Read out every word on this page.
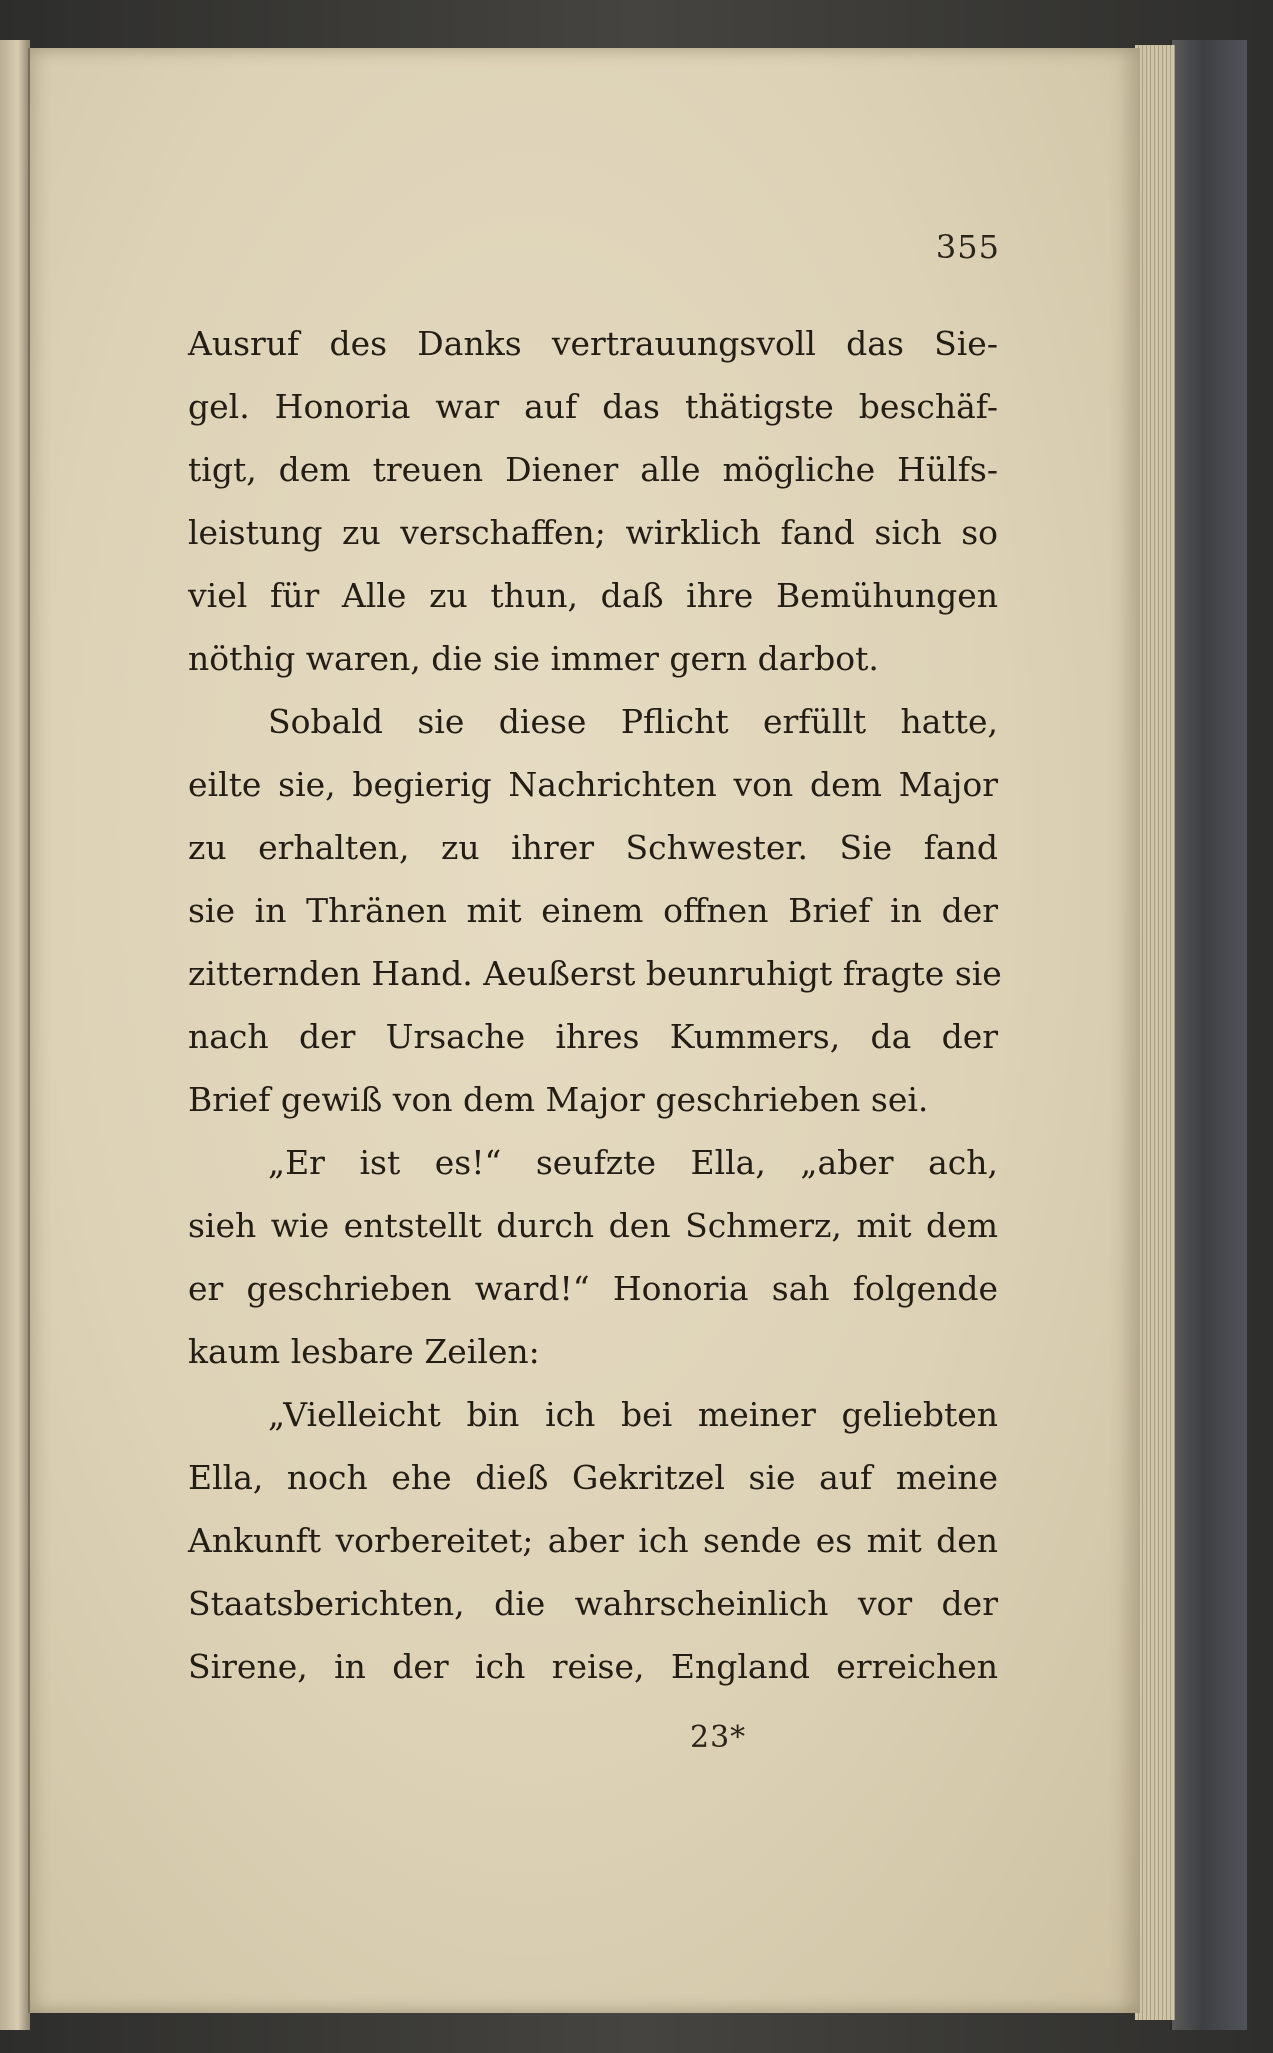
355
Ausruf des Danks vertrauungsvoll das Sie-
gel. Honoria war auf das thätigste beschäf-
tigt, dem treuen Diener alle mögliche Hülfs-
leistung zu verschaffen; wirklich fand sich so
viel für Alle zu thun, daß ihre Bemühungen
nöthig waren, die sie immer gern darbot.
Sobald sie diese Pflicht erfüllt hatte,
eilte sie, begierig Nachrichten von dem Major
zu erhalten, zu ihrer Schwester. Sie fand
sie in Thränen mit einem offnen Brief in der
zitternden Hand. Aeußerst beunruhigt fragte sie
nach der Ursache ihres Kummers, da der
Brief gewiß von dem Major geschrieben sei.
„Er ist es!“ seufzte Ella, „aber ach,
sieh wie entstellt durch den Schmerz, mit dem
er geschrieben ward!“ Honoria sah folgende
kaum lesbare Zeilen:
„Vielleicht bin ich bei meiner geliebten
Ella, noch ehe dieß Gekritzel sie auf meine
Ankunft vorbereitet; aber ich sende es mit den
Staatsberichten, die wahrscheinlich vor der
Sirene, in der ich reise, England erreichen
23*
